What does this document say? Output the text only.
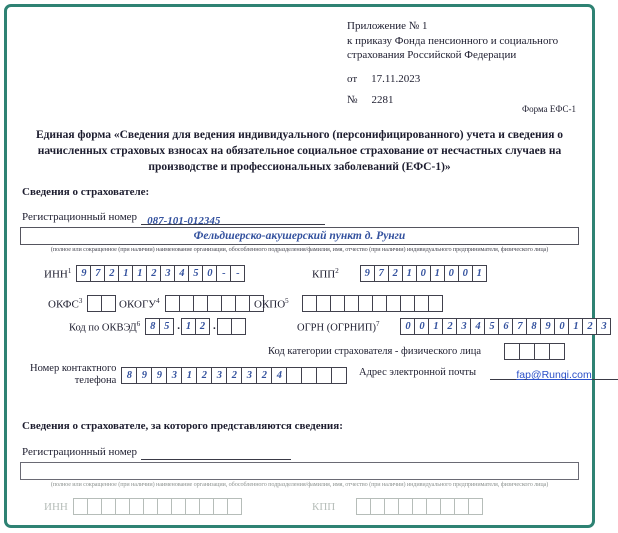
Приложение № 1
к приказу Фонда пенсионного и социального
страхования Российской Федерации
от 17.11.2023
№ 2281
Форма ЕФС-1
Единая форма «Сведения для ведения индивидуального (персонифицированного) учета и сведения о начисленных страховых взносах на обязательное социальное страхование от несчастных случаев на производстве и профессиональных заболеваний (ЕФС-1)»
Сведения о страхователе:
Регистрационный номер 087-101-012345
Фельдшерско-акушерский пункт д. Рунги
(полное или сокращенное (при наличии) наименование организации, обособленного подразделения/фамилия, имя, отчество (при наличии) индивидуального предпринимателя, физического лица)
ИНН$^1$ 9 7 2 1 1 2 3 4 5 0 -	-	КПП$^2$	9 7 2 1 0 1 0 0 1
ОКФС$^3$	ОКОГУ$^4$	ОКПО$^5$
Код по ОКВЭД$^6$ 8 5 . 1 2 .	ОГРН (ОГРНИП)$^7$	0 0 1 2 3 4 5 6 7 8 9 0 1 2 3
Код категории страхователя - физического лица
Номер контактного
телефона 8 9 9 3 1 2 3 2 3 2 4	Адрес электронной почты	fap@Rungi.com
Сведения о страхователе, за которого представляются сведения:
Регистрационный номер
(полное или сокращенное (при наличии) наименование организации, обособленного подразделения/фамилия, имя, отчество (при наличии) индивидуального предпринимателя, физического лица)
ИНН	КПП
